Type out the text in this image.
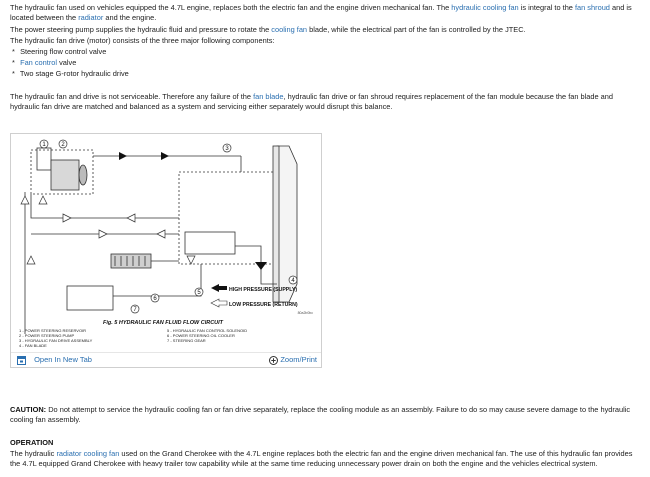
The hydraulic fan used on vehicles equipped the 4.7L engine, replaces both the electric fan and the engine driven mechanical fan. The hydraulic cooling fan is integral to the fan shroud and is
located between the radiator and the engine.

The power steering pump supplies the hydraulic fluid and pressure to rotate the cooling fan blade, while the electrical part of the fan is controlled by the JTEC.

The hydraulic fan drive (motor) consists of the three major following components:

* Steering flow control valve
* Fan control valve
* Two stage G-rotor hydraulic drive

The hydraulic fan and drive is not serviceable. Therefore any failure of the fan blade, hydraulic fan drive or fan shroud requires replacement of the fan module because the fan blade and
hydraulic fan drive are matched and balanced as a system and servicing either separately would disrupt this balance.

1	2
3
4
5
6
7
HIGH PRESSURE (SUPPLY)
LOW PRESSURE (RETURN)
80a2b0bc
Fig. 5 HYDRAULIC FAN FLUID FLOW CIRCUIT
1 - POWER STEERING RESERVOIR
2 - POWER STEERING PUMP
3 - HYDRAULIC FAN DRIVE ASSEMBLY
4 - FAN BLADE
5 - HYDRAULIC FAN CONTROL SOLENOID
6 - POWER STEERING OIL COOLER
7 - STEERING GEAR
Open In New Tab	Zoom/Print

CAUTION: Do not attempt to service the hydraulic cooling fan or fan drive separately, replace the cooling module as an assembly. Failure to do so may cause severe damage to the hydraulic
cooling fan assembly.

OPERATION

The hydraulic radiator cooling fan used on the Grand Cherokee with the 4.7L engine replaces both the electric fan and the engine driven mechanical fan. The use of this hydraulic fan provides
the 4.7L equipped Grand Cherokee with heavy trailer tow capability while at the same time reducing unnecessary power drain on both the engine and the vehicles electrical system.
